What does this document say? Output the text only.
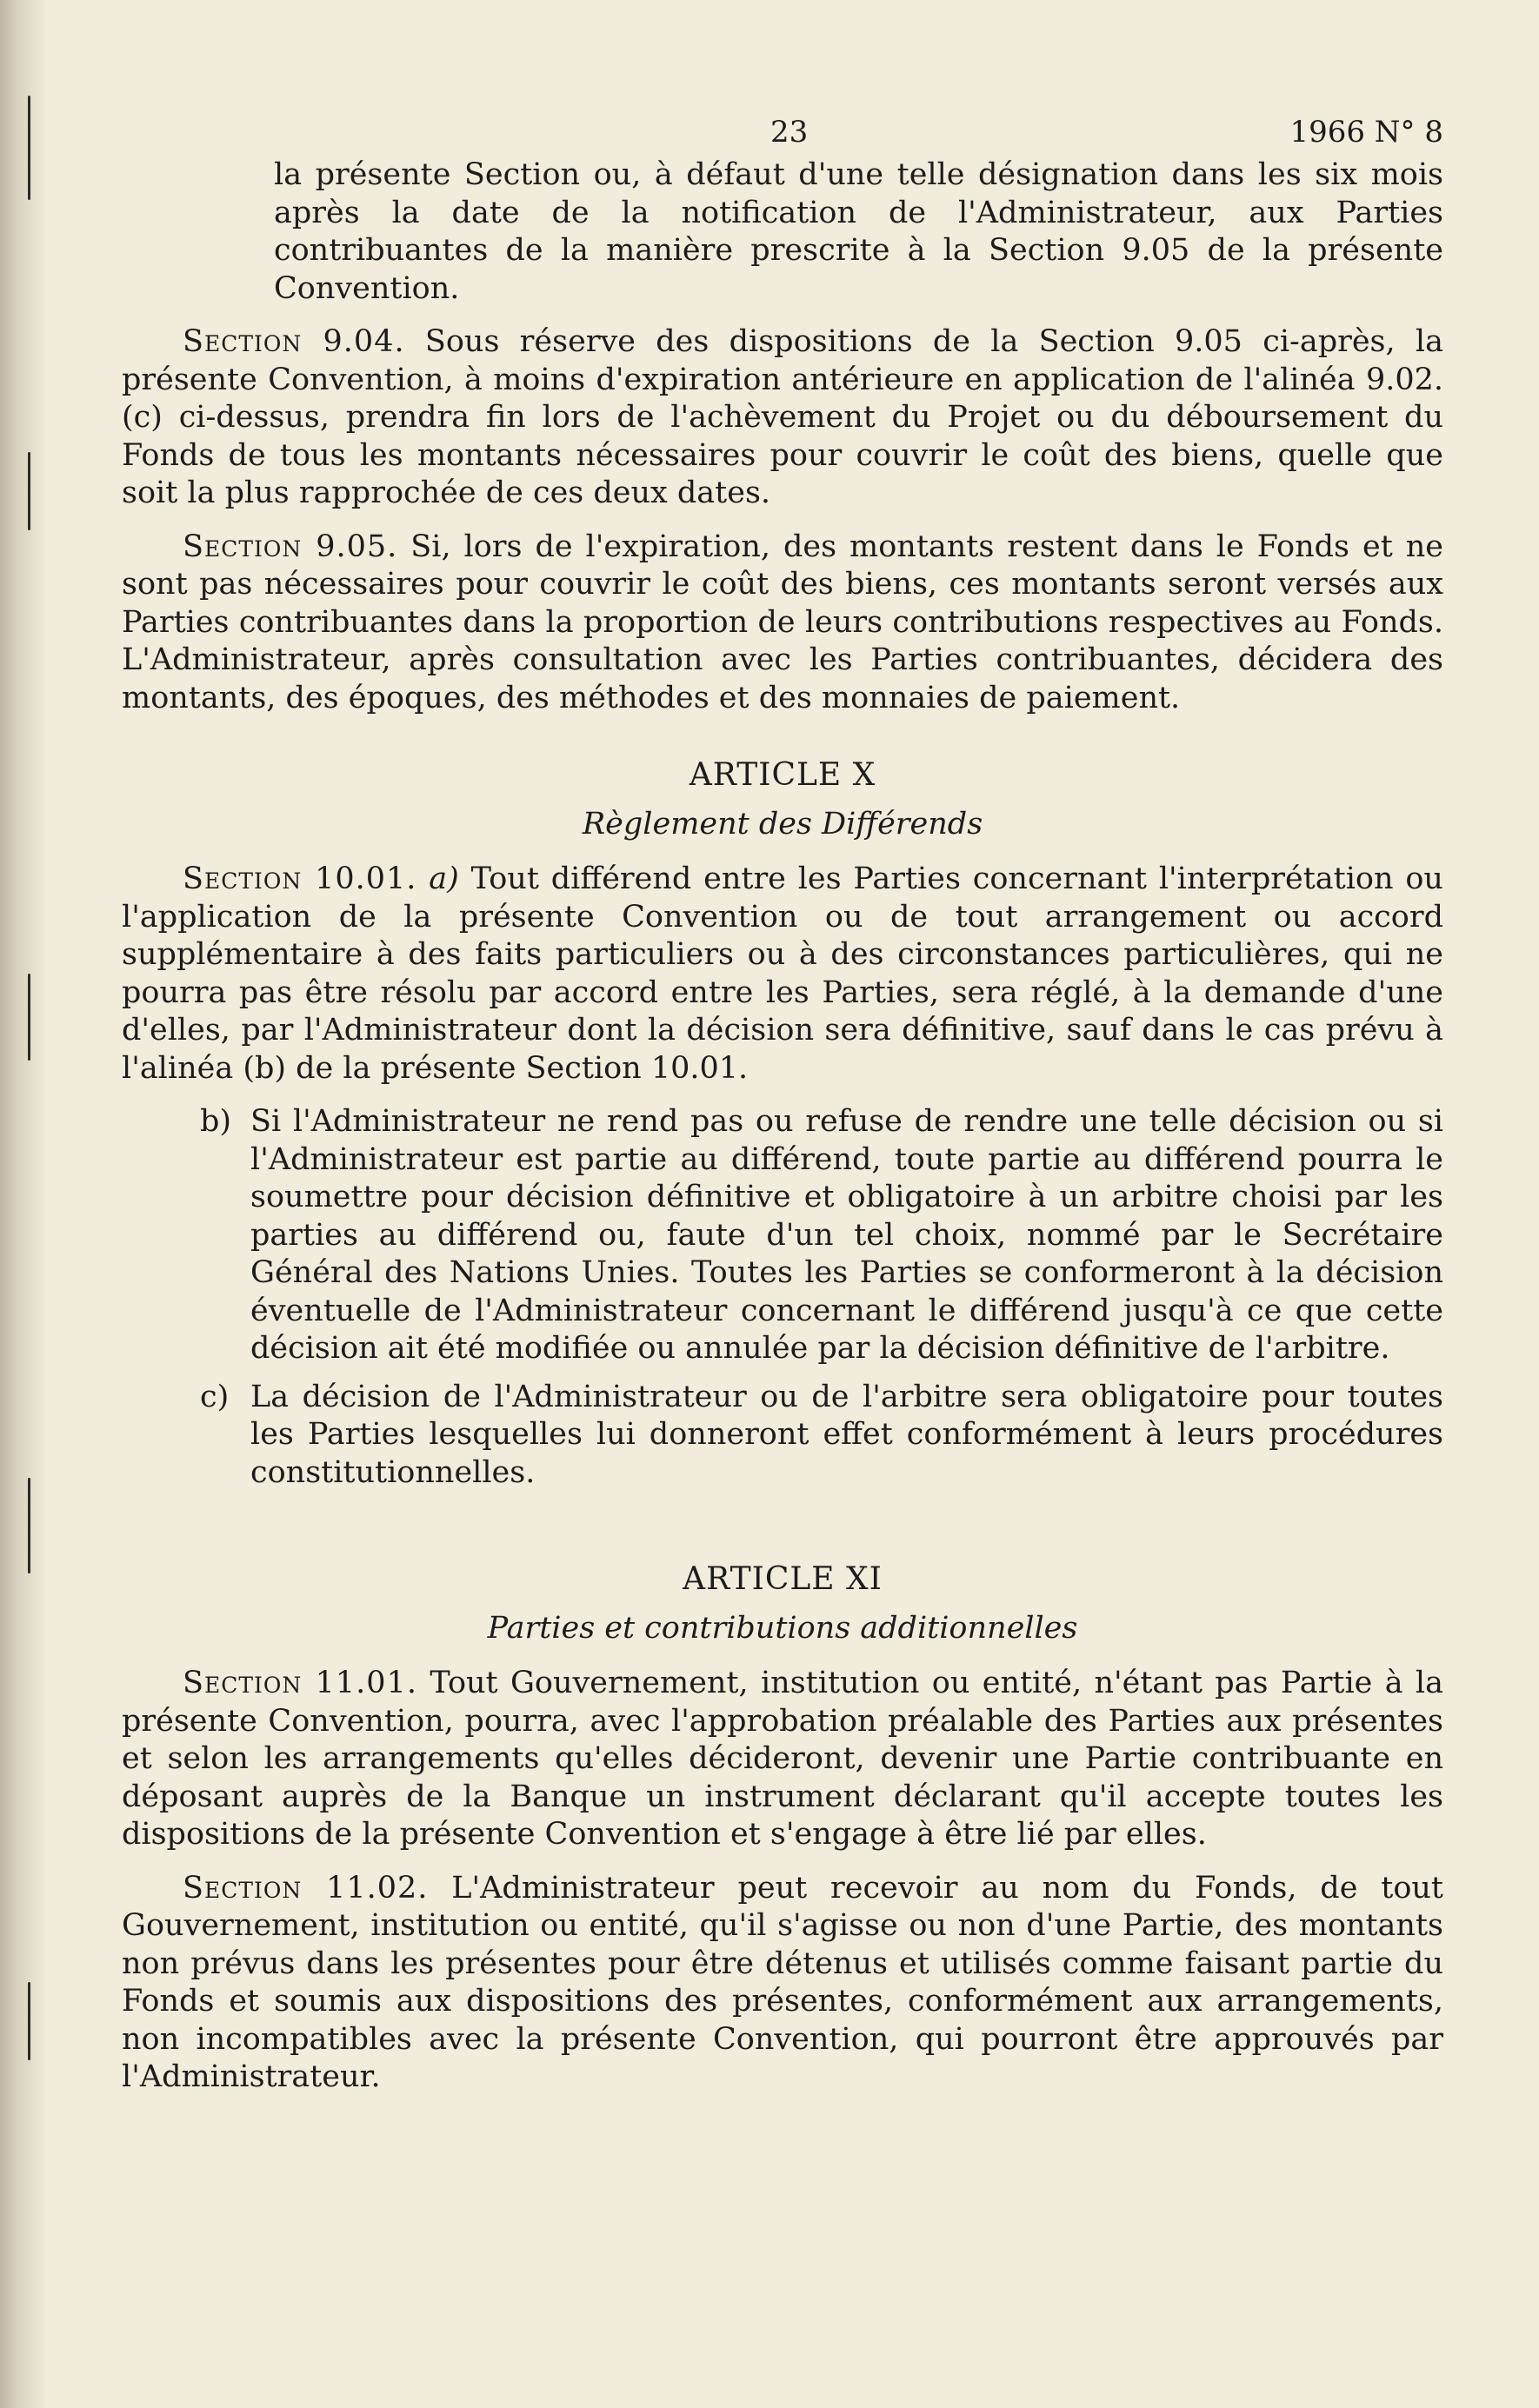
23	1966 N° 8

la présente Section ou, à défaut d'une telle désignation dans les six mois après la date de la notification de l'Administrateur, aux Parties contribuantes de la manière prescrite à la Section 9.05 de la présente Convention.

Section 9.04. Sous réserve des dispositions de la Section 9.05 ci-après, la présente Convention, à moins d'expiration antérieure en application de l'alinéa 9.02. (c) ci-dessus, prendra fin lors de l'achèvement du Projet ou du déboursement du Fonds de tous les montants nécessaires pour couvrir le coût des biens, quelle que soit la plus rapprochée de ces deux dates.

Section 9.05. Si, lors de l'expiration, des montants restent dans le Fonds et ne sont pas nécessaires pour couvrir le coût des biens, ces montants seront versés aux Parties contribuantes dans la proportion de leurs contributions respectives au Fonds. L'Administrateur, après consultation avec les Parties contribuantes, décidera des montants, des époques, des méthodes et des monnaies de paiement.

ARTICLE X
Règlement des Différends

Section 10.01. a) Tout différend entre les Parties concernant l'interprétation ou l'application de la présente Convention ou de tout arrangement ou accord supplémentaire à des faits particuliers ou à des circonstances particulières, qui ne pourra pas être résolu par accord entre les Parties, sera réglé, à la demande d'une d'elles, par l'Administrateur dont la décision sera définitive, sauf dans le cas prévu à l'alinéa (b) de la présente Section 10.01.

b) Si l'Administrateur ne rend pas ou refuse de rendre une telle décision ou si l'Administrateur est partie au différend, toute partie au différend pourra le soumettre pour décision définitive et obligatoire à un arbitre choisi par les parties au différend ou, faute d'un tel choix, nommé par le Secrétaire Général des Nations Unies. Toutes les Parties se conformeront à la décision éventuelle de l'Administrateur concernant le différend jusqu'à ce que cette décision ait été modifiée ou annulée par la décision définitive de l'arbitre.
c) La décision de l'Administrateur ou de l'arbitre sera obligatoire pour toutes les Parties lesquelles lui donneront effet conformément à leurs procédures constitutionnelles.
ARTICLE XI
Parties et contributions additionnelles

Section 11.01. Tout Gouvernement, institution ou entité, n'étant pas Partie à la présente Convention, pourra, avec l'approbation préalable des Parties aux présentes et selon les arrangements qu'elles décideront, devenir une Partie contribuante en déposant auprès de la Banque un instrument déclarant qu'il accepte toutes les dispositions de la présente Convention et s'engage à être lié par elles.

Section 11.02. L'Administrateur peut recevoir au nom du Fonds, de tout Gouvernement, institution ou entité, qu'il s'agisse ou non d'une Partie, des montants non prévus dans les présentes pour être détenus et utilisés comme faisant partie du Fonds et soumis aux dispositions des présentes, conformément aux arrangements, non incompatibles avec la présente Convention, qui pourront être approuvés par l'Administrateur.
